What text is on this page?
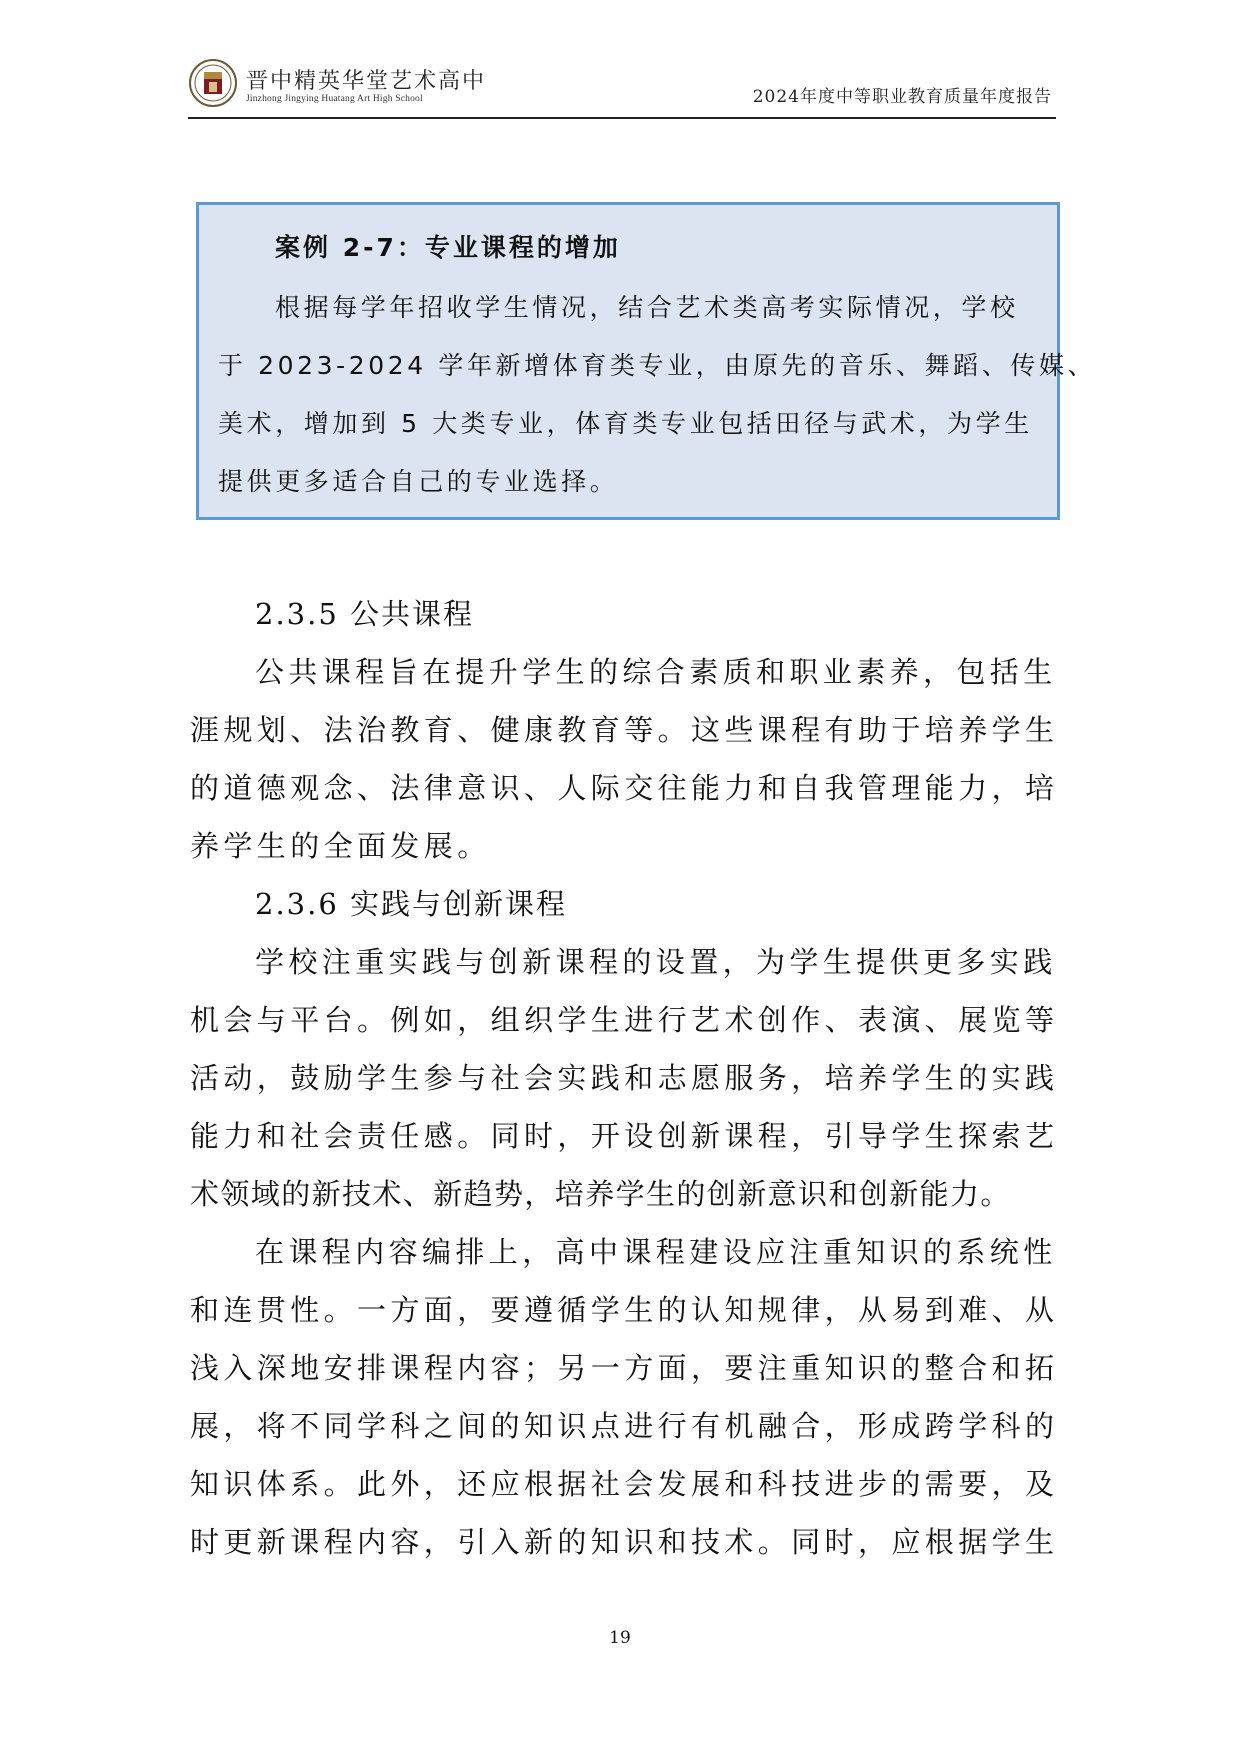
晋中精英华堂艺术高中
Jinzhong Jingying Huatang Art High School	2024年度中等职业教育质量年度报告
案例 2-7：专业课程的增加
根据每学年招收学生情况，结合艺术类高考实际情况，学校
于 2023-2024 学年新增体育类专业，由原先的音乐、舞蹈、传媒、
美术，增加到 5 大类专业，体育类专业包括田径与武术，为学生
提供更多适合自己的专业选择。
2.3.5 公共课程
公共课程旨在提升学生的综合素质和职业素养，包括生
涯规划、法治教育、健康教育等。这些课程有助于培养学生
的道德观念、法律意识、人际交往能力和自我管理能力，培
养学生的全面发展。
2.3.6 实践与创新课程
学校注重实践与创新课程的设置，为学生提供更多实践
机会与平台。例如，组织学生进行艺术创作、表演、展览等
活动，鼓励学生参与社会实践和志愿服务，培养学生的实践
能力和社会责任感。同时，开设创新课程，引导学生探索艺
术领域的新技术、新趋势，培养学生的创新意识和创新能力。
在课程内容编排上，高中课程建设应注重知识的系统性
和连贯性。一方面，要遵循学生的认知规律，从易到难、从
浅入深地安排课程内容；另一方面，要注重知识的整合和拓
展，将不同学科之间的知识点进行有机融合，形成跨学科的
知识体系。此外，还应根据社会发展和科技进步的需要，及
时更新课程内容，引入新的知识和技术。同时，应根据学生
19
